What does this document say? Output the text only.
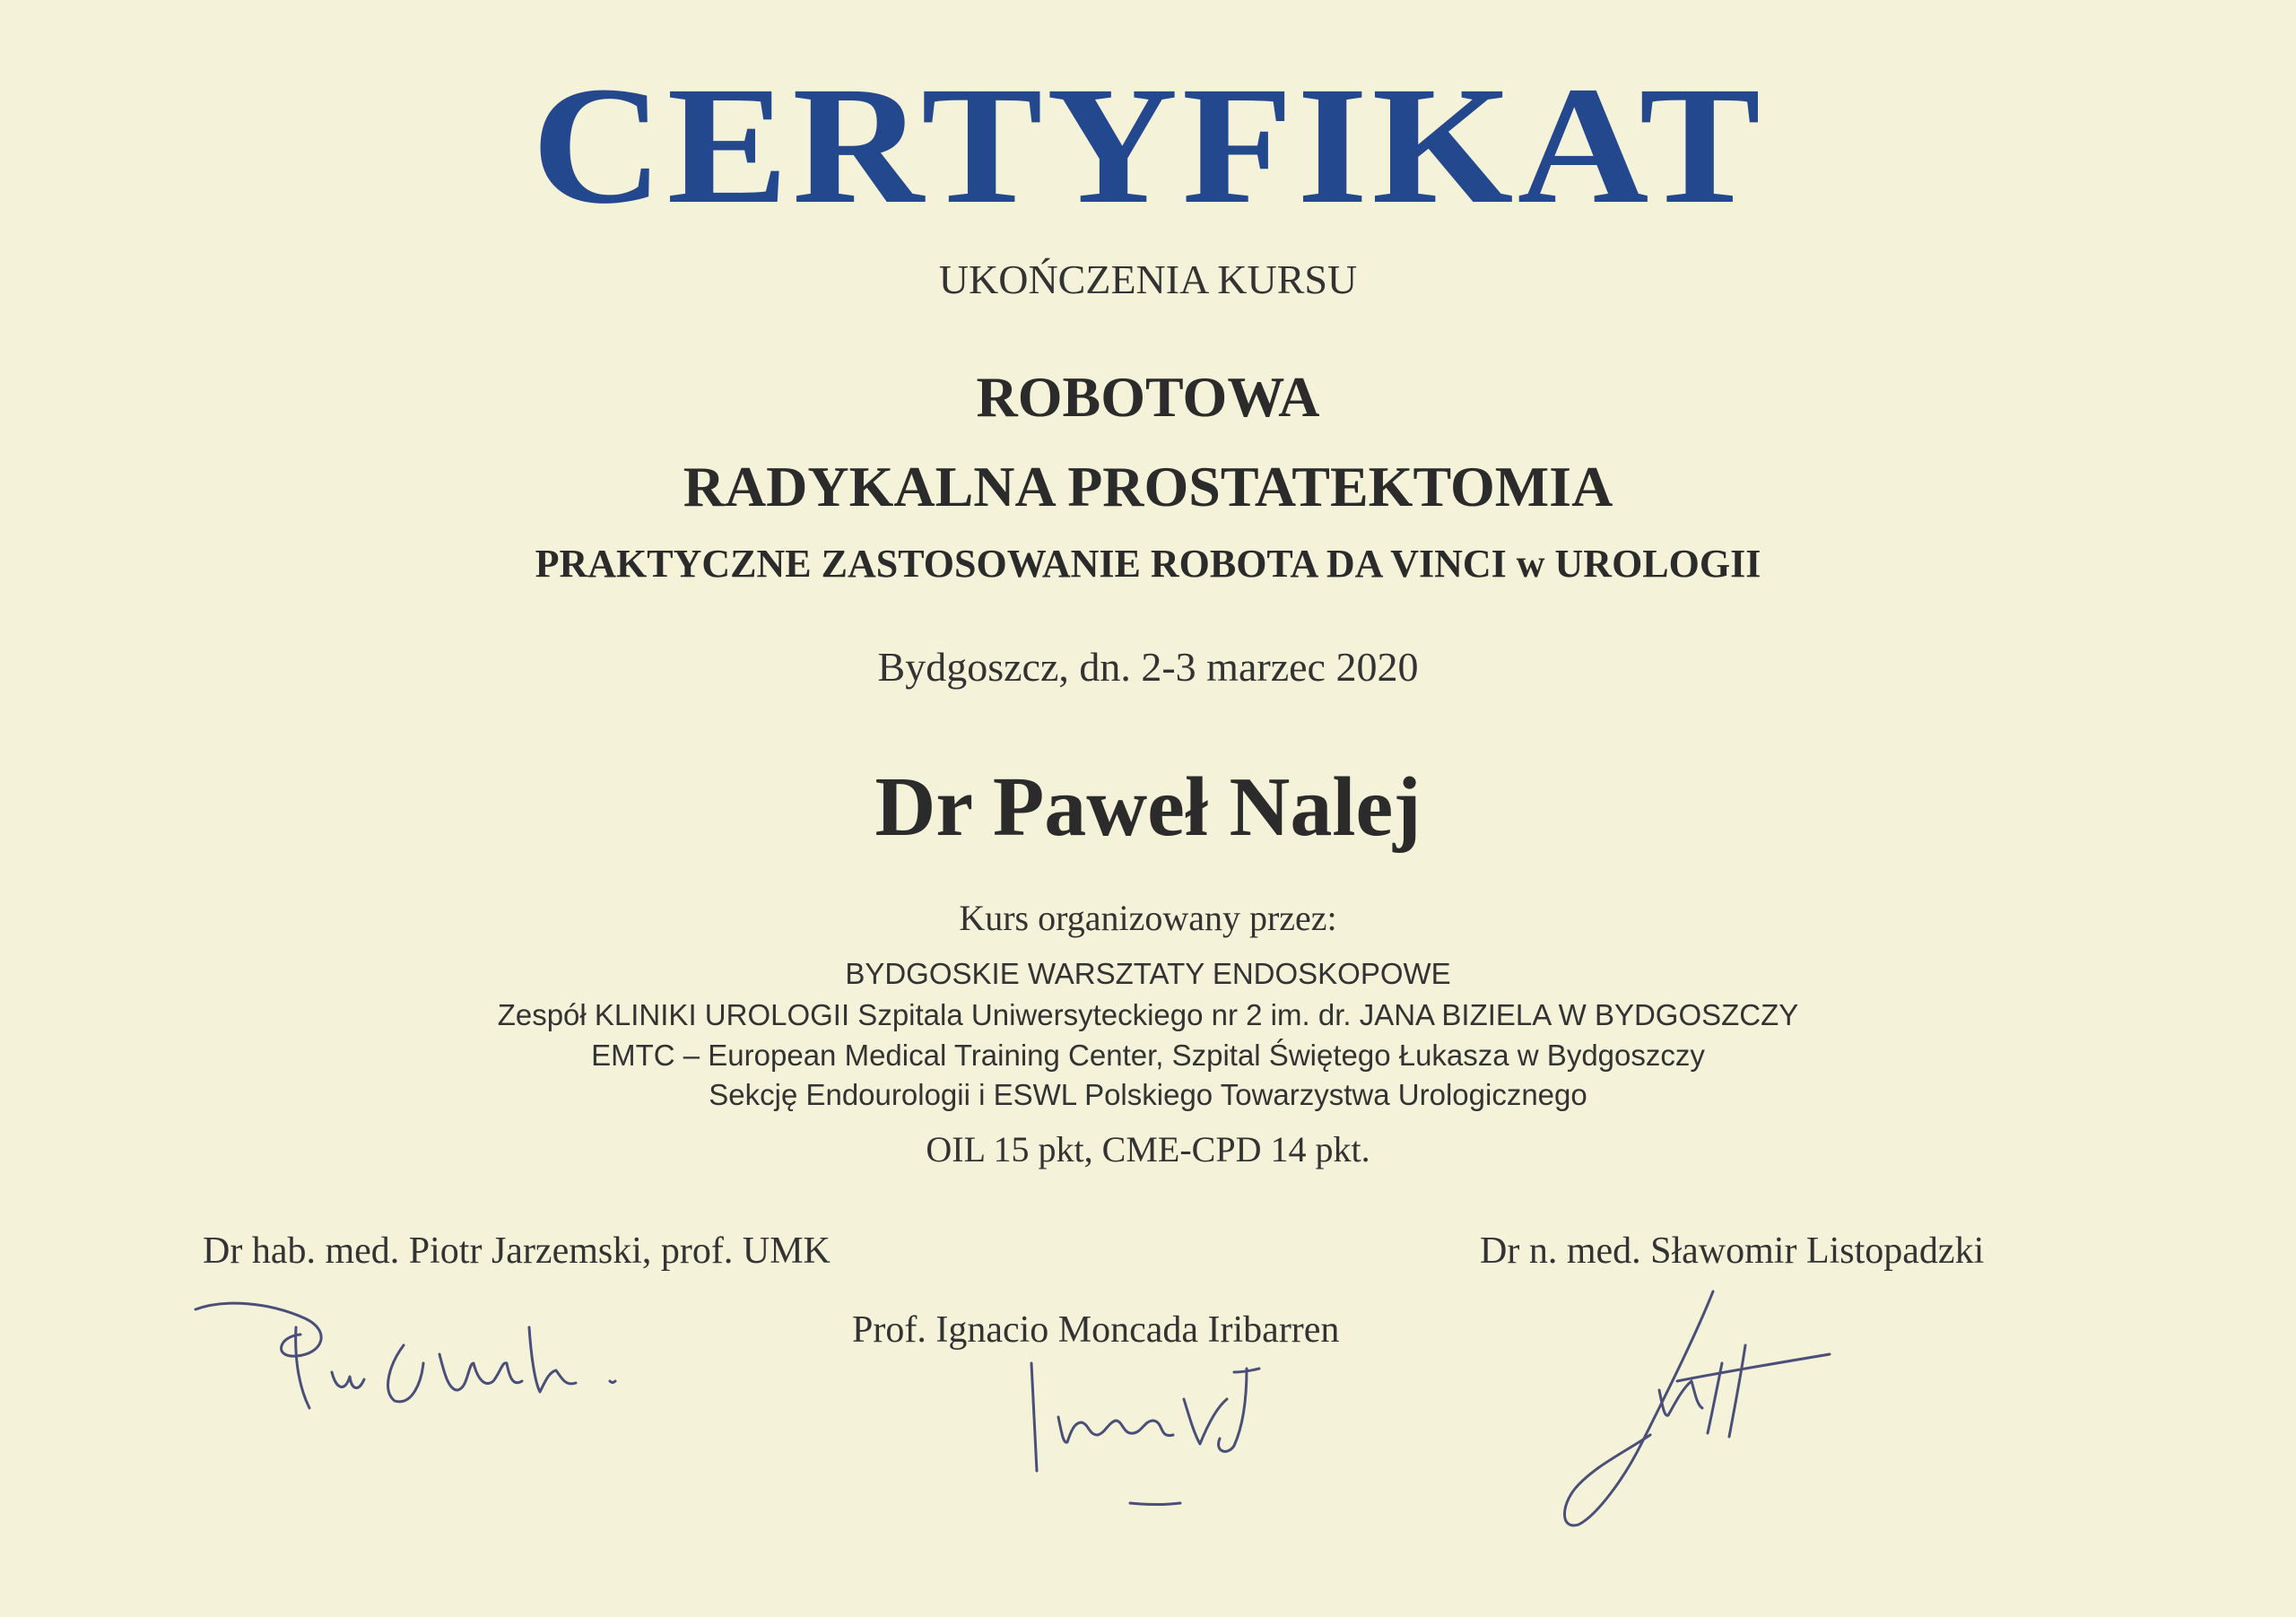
CERTYFIKAT
UKOŃCZENIA KURSU
ROBOTOWA
RADYKALNA PROSTATEKTOMIA
PRAKTYCZNE ZASTOSOWANIE ROBOTA DA VINCI w UROLOGII
Bydgoszcz, dn. 2-3 marzec 2020
Dr Paweł Nalej
Kurs organizowany przez:
BYDGOSKIE WARSZTATY ENDOSKOPOWE
Zespół KLINIKI UROLOGII Szpitala Uniwersyteckiego nr 2 im. dr. JANA BIZIELA W BYDGOSZCZY
EMTC – European Medical Training Center, Szpital Świętego Łukasza w Bydgoszczy
Sekcję Endourologii i ESWL Polskiego Towarzystwa Urologicznego
OIL 15 pkt, CME-CPD 14 pkt.
Dr hab. med. Piotr Jarzemski, prof. UMK	Dr n. med. Sławomir Listopadzki
Prof. Ignacio Moncada Iribarren
